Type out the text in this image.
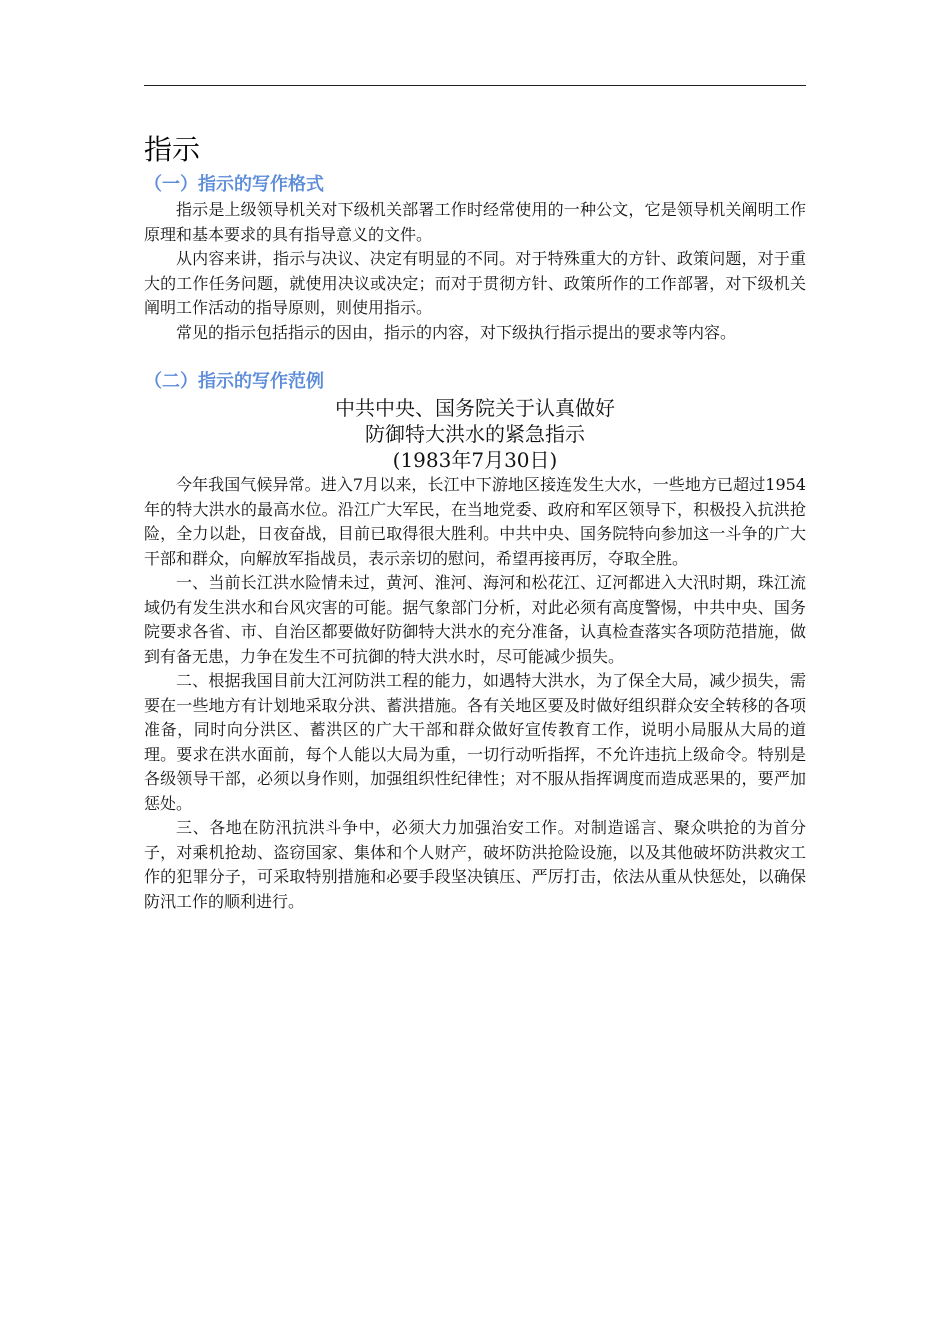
指示
（一）指示的写作格式

指示是上级领导机关对下级机关部署工作时经常使用的一种公文，它是领导机关阐明工作原理和基本要求的具有指导意义的文件。

从内容来讲，指示与决议、决定有明显的不同。对于特殊重大的方针、政策问题，对于重大的工作任务问题，就使用决议或决定；而对于贯彻方针、政策所作的工作部署，对下级机关阐明工作活动的指导原则，则使用指示。

常见的指示包括指示的因由，指示的内容，对下级执行指示提出的要求等内容。

（二）指示的写作范例

中共中央、国务院关于认真做好

防御特大洪水的紧急指示

(1983年7月30日)

今年我国气候异常。进入7月以来，长江中下游地区接连发生大水，一些地方已超过1954年的特大洪水的最高水位。沿江广大军民，在当地党委、政府和军区领导下，积极投入抗洪抢险，全力以赴，日夜奋战，目前已取得很大胜利。中共中央、国务院特向参加这一斗争的广大干部和群众，向解放军指战员，表示亲切的慰问，希望再接再厉，夺取全胜。

一、当前长江洪水险情未过，黄河、淮河、海河和松花江、辽河都进入大汛时期，珠江流域仍有发生洪水和台风灾害的可能。据气象部门分析，对此必须有高度警惕，中共中央、国务院要求各省、市、自治区都要做好防御特大洪水的充分准备，认真检查落实各项防范措施，做到有备无患，力争在发生不可抗御的特大洪水时，尽可能减少损失。

二、根据我国目前大江河防洪工程的能力，如遇特大洪水，为了保全大局，减少损失，需要在一些地方有计划地采取分洪、蓄洪措施。各有关地区要及时做好组织群众安全转移的各项准备，同时向分洪区、蓄洪区的广大干部和群众做好宣传教育工作，说明小局服从大局的道理。要求在洪水面前，每个人能以大局为重，一切行动听指挥，不允许违抗上级命令。特别是各级领导干部，必须以身作则，加强组织性纪律性；对不服从指挥调度而造成恶果的，要严加惩处。

三、各地在防汛抗洪斗争中，必须大力加强治安工作。对制造谣言、聚众哄抢的为首分子，对乘机抢劫、盗窃国家、集体和个人财产，破坏防洪抢险设施，以及其他破坏防洪救灾工作的犯罪分子，可采取特别措施和必要手段坚决镇压、严厉打击，依法从重从快惩处，以确保防汛工作的顺利进行。
